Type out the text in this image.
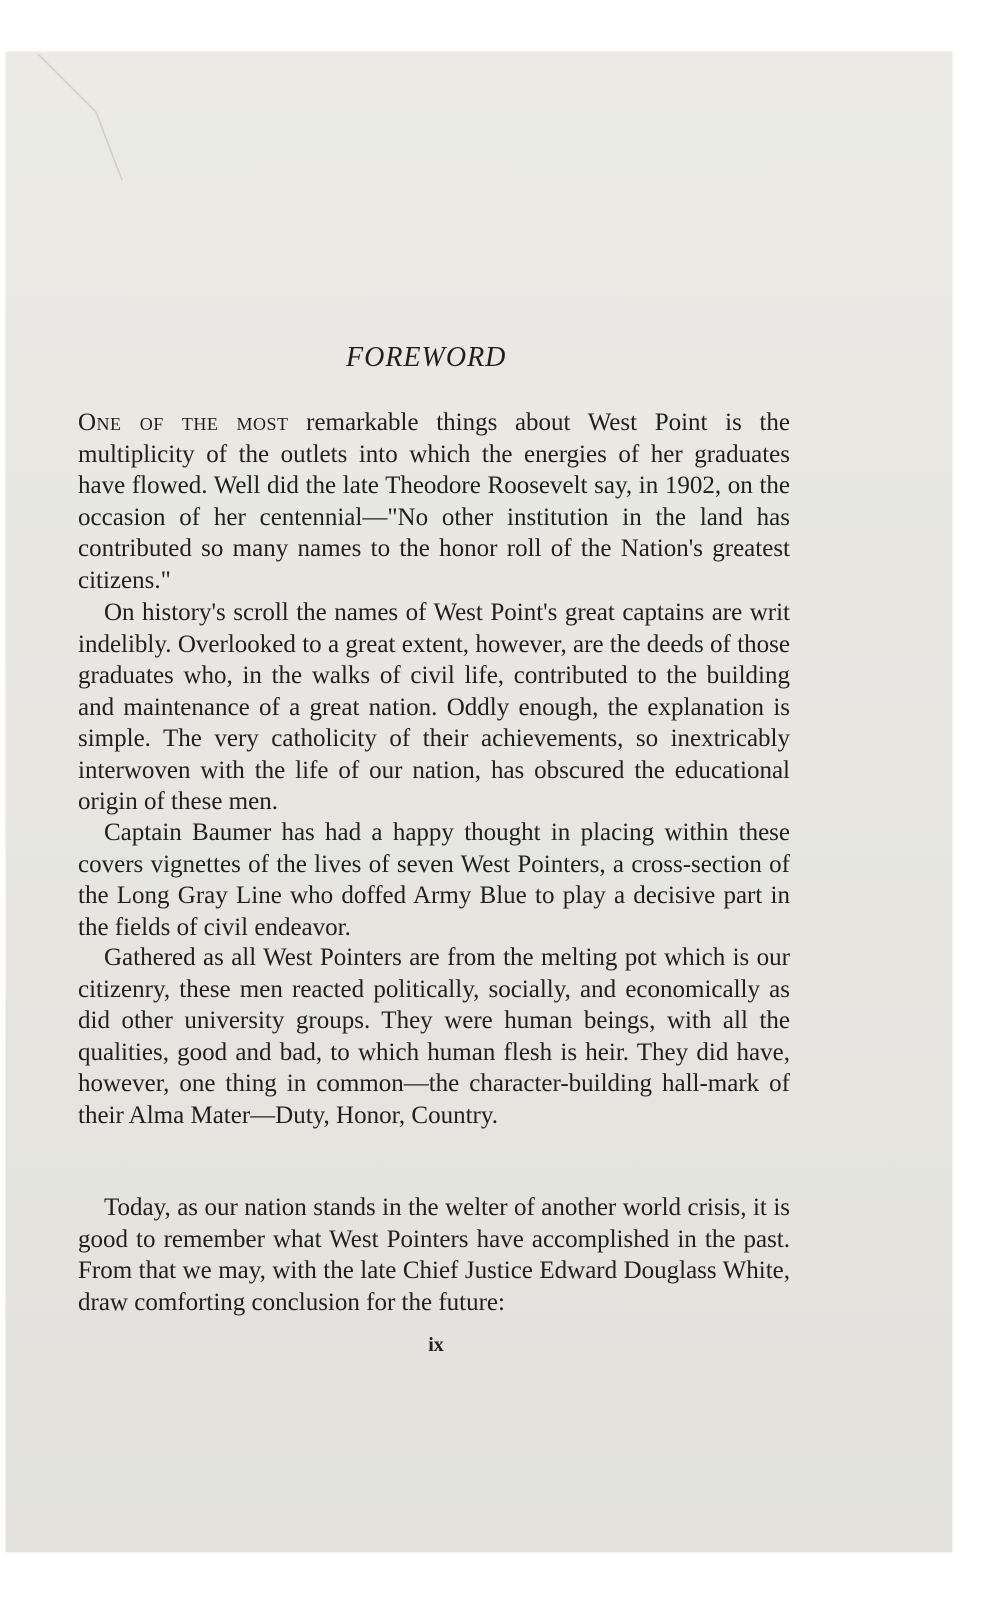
FOREWORD
One of the most remarkable things about West Point is the multiplicity of the outlets into which the energies of her graduates have flowed. Well did the late Theodore Roosevelt say, in 1902, on the occasion of her centennial—"No other institution in the land has contributed so many names to the honor roll of the Nation's greatest citizens."
On history's scroll the names of West Point's great captains are writ indelibly. Overlooked to a great extent, however, are the deeds of those graduates who, in the walks of civil life, contributed to the building and maintenance of a great nation. Oddly enough, the explanation is simple. The very catholicity of their achievements, so inextricably interwoven with the life of our nation, has obscured the educational origin of these men.
Captain Baumer has had a happy thought in placing within these covers vignettes of the lives of seven West Pointers, a cross-section of the Long Gray Line who doffed Army Blue to play a decisive part in the fields of civil endeavor.
Gathered as all West Pointers are from the melting pot which is our citizenry, these men reacted politically, socially, and economically as did other university groups. They were human beings, with all the qualities, good and bad, to which human flesh is heir. They did have, however, one thing in common—the character-building hall-mark of their Alma Mater—Duty, Honor, Country.
Today, as our nation stands in the welter of another world crisis, it is good to remember what West Pointers have accomplished in the past. From that we may, with the late Chief Justice Edward Douglass White, draw comforting conclusion for the future:
ix
